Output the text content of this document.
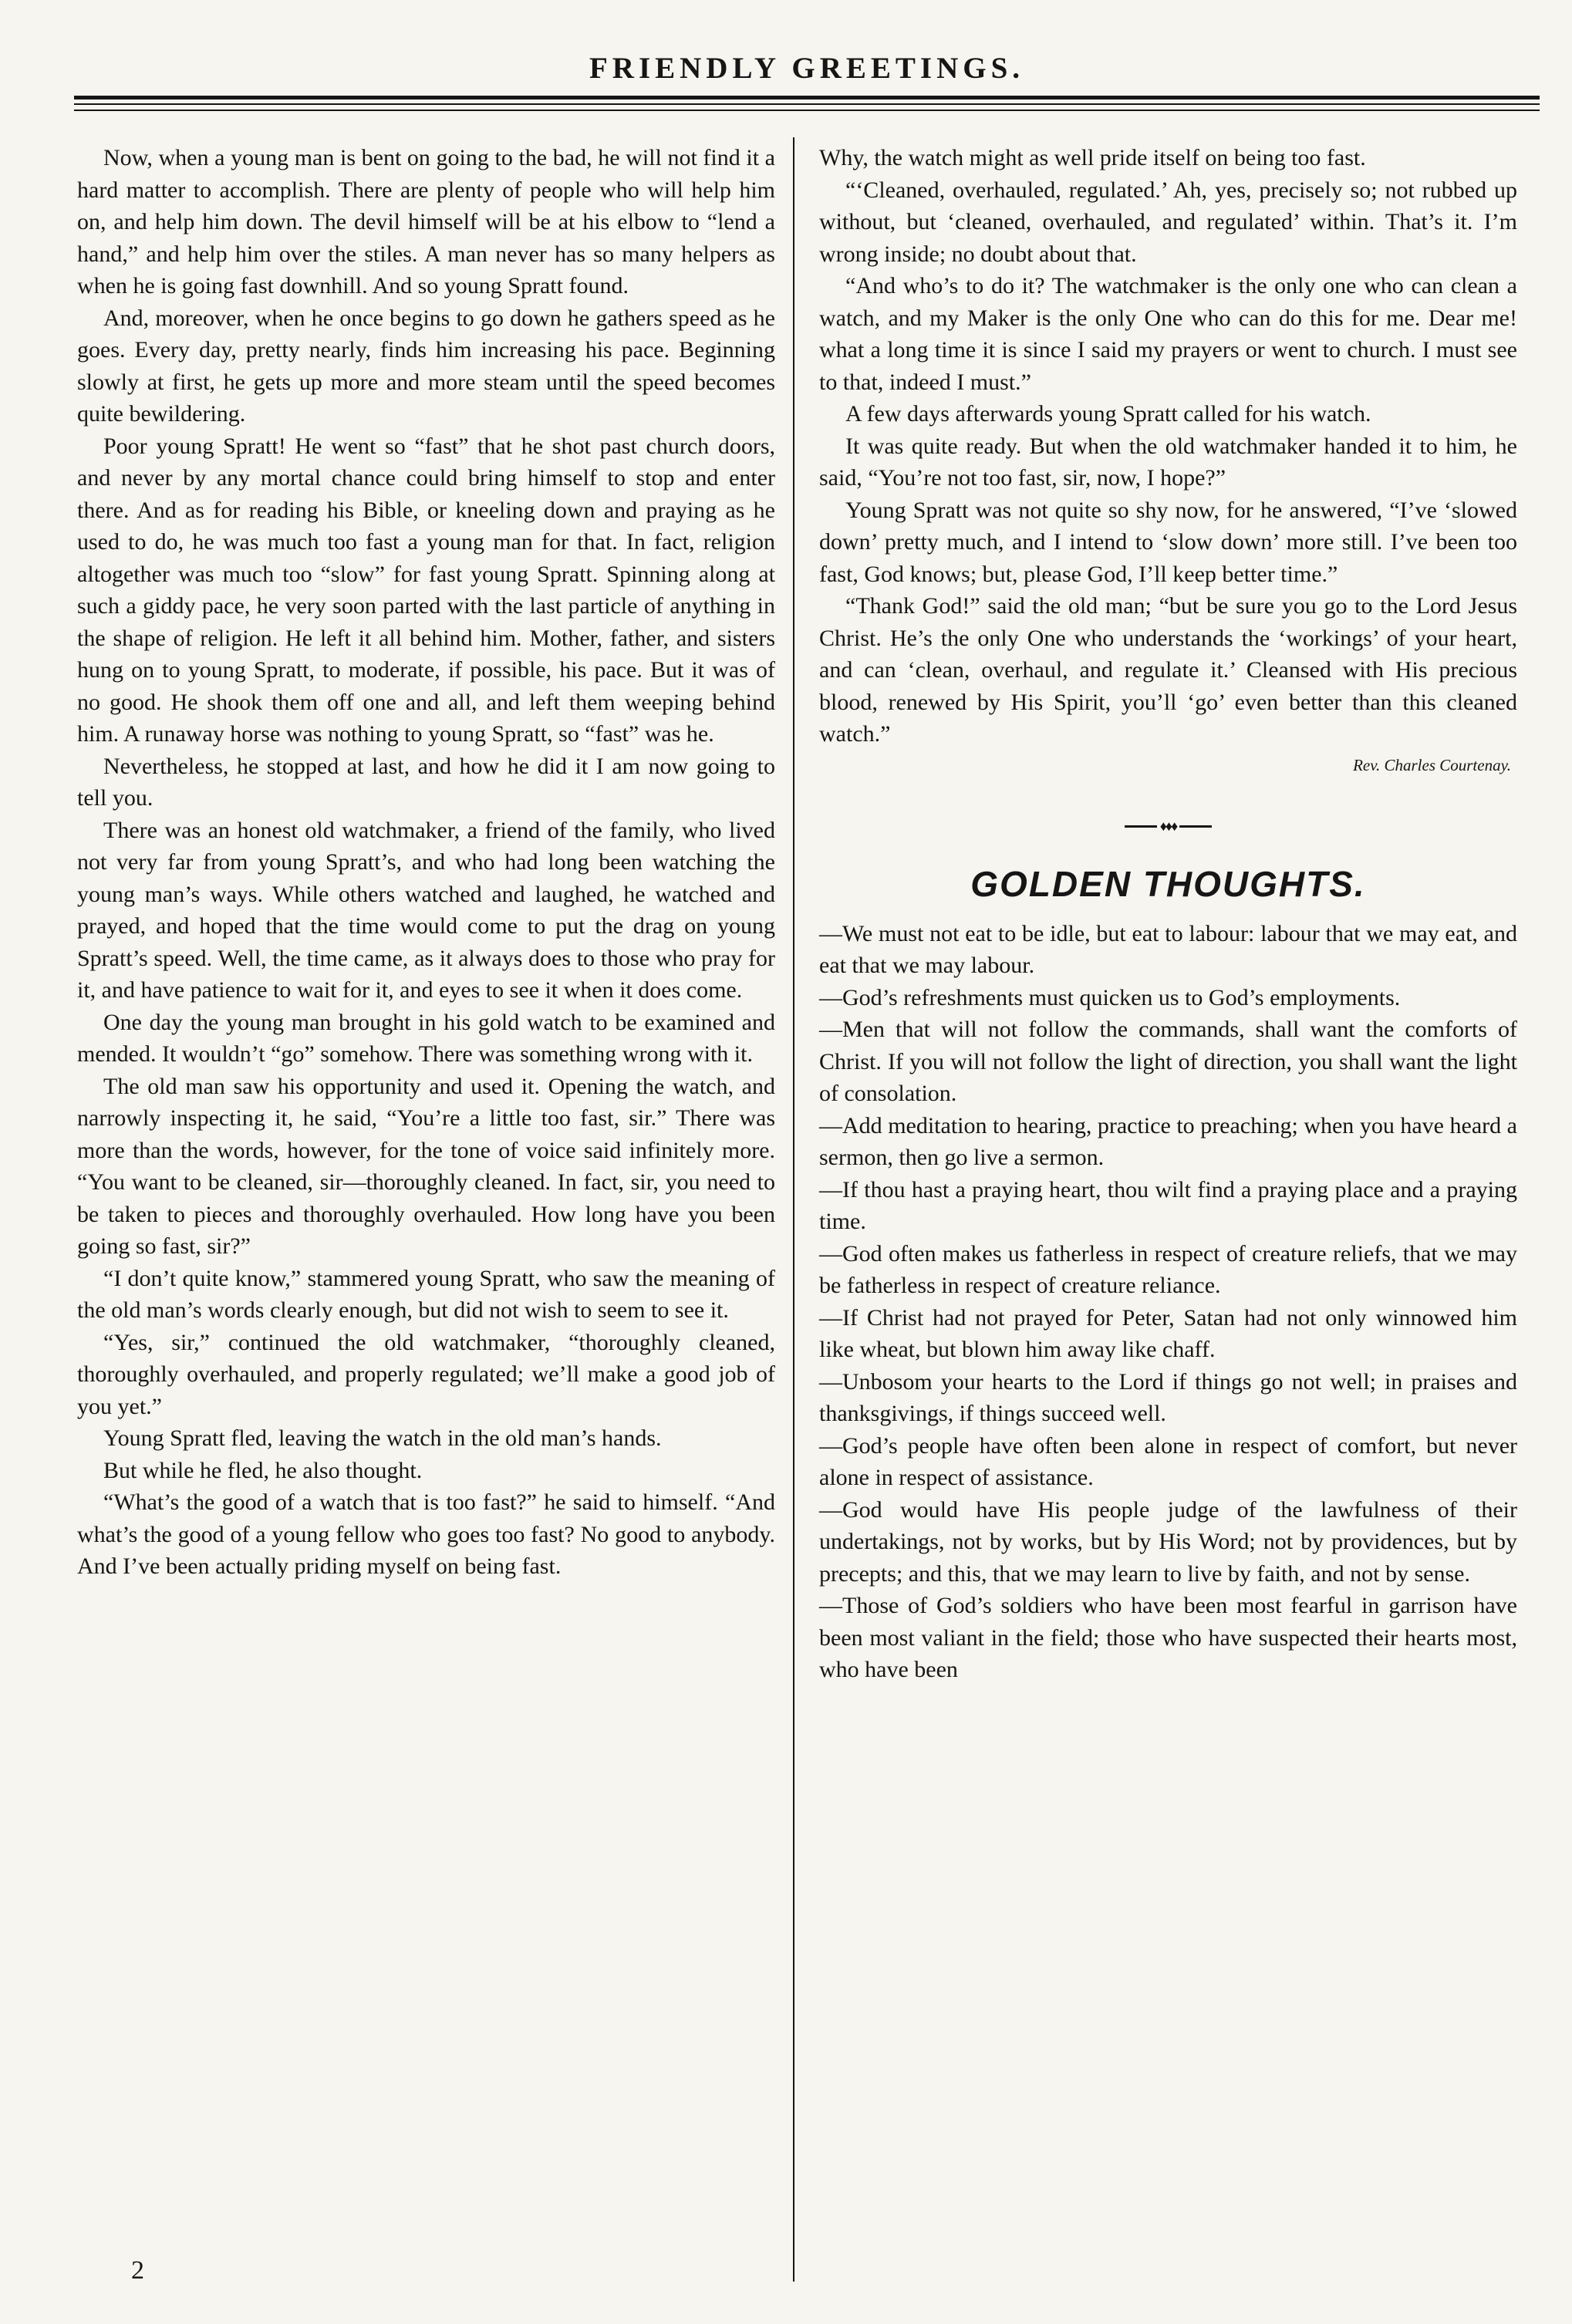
FRIENDLY GREETINGS.

Now, when a young man is bent on going to the bad, he will not find it a hard matter to accomplish. There are plenty of people who will help him on, and help him down. The devil himself will be at his elbow to “lend a hand,” and help him over the stiles. A man never has so many helpers as when he is going fast downhill. And so young Spratt found.

And, moreover, when he once begins to go down he gathers speed as he goes. Every day, pretty nearly, finds him increasing his pace. Beginning slowly at first, he gets up more and more steam until the speed becomes quite bewildering.

Poor young Spratt! He went so “fast” that he shot past church doors, and never by any mortal chance could bring himself to stop and enter there. And as for reading his Bible, or kneeling down and praying as he used to do, he was much too fast a young man for that. In fact, religion altogether was much too “slow” for fast young Spratt. Spinning along at such a giddy pace, he very soon parted with the last particle of anything in the shape of religion. He left it all behind him. Mother, father, and sisters hung on to young Spratt, to moderate, if possible, his pace. But it was of no good. He shook them off one and all, and left them weeping behind him. A runaway horse was nothing to young Spratt, so “fast” was he.

Nevertheless, he stopped at last, and how he did it I am now going to tell you.

There was an honest old watchmaker, a friend of the family, who lived not very far from young Spratt’s, and who had long been watching the young man’s ways. While others watched and laughed, he watched and prayed, and hoped that the time would come to put the drag on young Spratt’s speed. Well, the time came, as it always does to those who pray for it, and have patience to wait for it, and eyes to see it when it does come.

One day the young man brought in his gold watch to be examined and mended. It wouldn’t “go” somehow. There was something wrong with it.

The old man saw his opportunity and used it. Opening the watch, and narrowly inspecting it, he said, “You’re a little too fast, sir.” There was more than the words, however, for the tone of voice said infinitely more. “You want to be cleaned, sir—thoroughly cleaned. In fact, sir, you need to be taken to pieces and thoroughly overhauled. How long have you been going so fast, sir?”

“I don’t quite know,” stammered young Spratt, who saw the meaning of the old man’s words clearly enough, but did not wish to seem to see it.

“Yes, sir,” continued the old watchmaker, “thoroughly cleaned, thoroughly overhauled, and properly regulated; we’ll make a good job of you yet.”

Young Spratt fled, leaving the watch in the old man’s hands.

But while he fled, he also thought.

“What’s the good of a watch that is too fast?” he said to himself. “And what’s the good of a young fellow who goes too fast? No good to anybody. And I’ve been actually priding myself on being fast.

Why, the watch might as well pride itself on being too fast.

“‘Cleaned, overhauled, regulated.’ Ah, yes, precisely so; not rubbed up without, but ‘cleaned, overhauled, and regulated’ within. That’s it. I’m wrong inside; no doubt about that.

“And who’s to do it? The watchmaker is the only one who can clean a watch, and my Maker is the only One who can do this for me. Dear me! what a long time it is since I said my prayers or went to church. I must see to that, indeed I must.”

A few days afterwards young Spratt called for his watch.

It was quite ready. But when the old watchmaker handed it to him, he said, “You’re not too fast, sir, now, I hope?”

Young Spratt was not quite so shy now, for he answered, “I’ve ‘slowed down’ pretty much, and I intend to ‘slow down’ more still. I’ve been too fast, God knows; but, please God, I’ll keep better time.”

“Thank God!” said the old man; “but be sure you go to the Lord Jesus Christ. He’s the only One who understands the ‘workings’ of your heart, and can ‘clean, overhaul, and regulate it.’ Cleansed with His precious blood, renewed by His Spirit, you’ll ‘go’ even better than this cleaned watch.”

Rev. Charles Courtenay.
♦♦♦
GOLDEN THOUGHTS.

—We must not eat to be idle, but eat to labour: labour that we may eat, and eat that we may labour.

—God’s refreshments must quicken us to God’s employments.

—Men that will not follow the commands, shall want the comforts of Christ. If you will not follow the light of direction, you shall want the light of consolation.

—Add meditation to hearing, practice to preaching; when you have heard a sermon, then go live a sermon.

—If thou hast a praying heart, thou wilt find a praying place and a praying time.

—God often makes us fatherless in respect of creature reliefs, that we may be fatherless in respect of creature reliance.

—If Christ had not prayed for Peter, Satan had not only winnowed him like wheat, but blown him away like chaff.

—Unbosom your hearts to the Lord if things go not well; in praises and thanksgivings, if things succeed well.

—God’s people have often been alone in respect of comfort, but never alone in respect of assistance.

—God would have His people judge of the lawfulness of their undertakings, not by works, but by His Word; not by providences, but by precepts; and this, that we may learn to live by faith, and not by sense.

—Those of God’s soldiers who have been most fearful in garrison have been most valiant in the field; those who have suspected their hearts most, who have been

2
